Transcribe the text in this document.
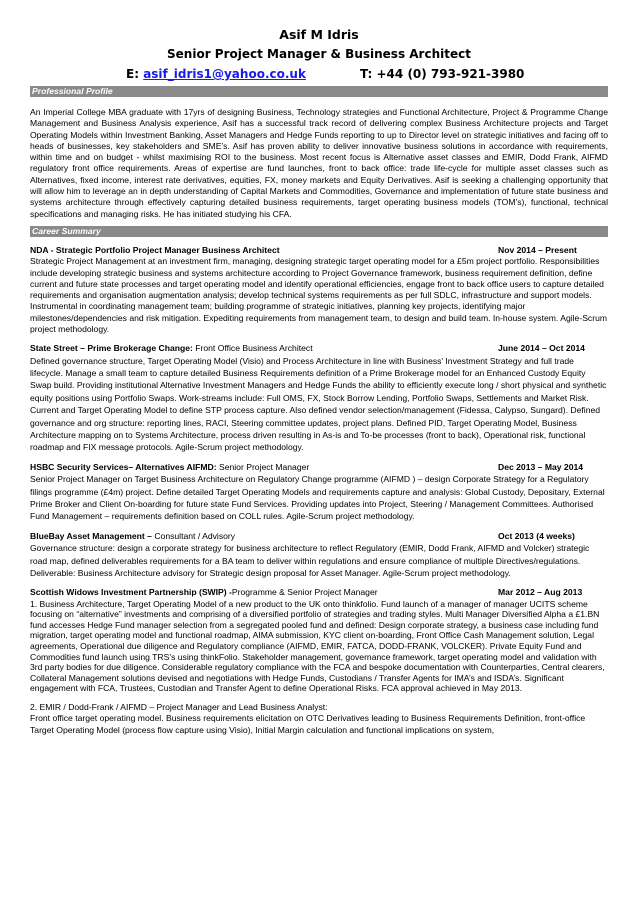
Asif M Idris
Senior Project Manager & Business Architect
E: asif_idris1@yahoo.co.uk	T: +44 (0) 793-921-3980
Professional Profile

An Imperial College MBA graduate with 17yrs of designing Business, Technology strategies and Functional Architecture, Project & Programme Change Management and Business Analysis experience, Asif has a successful track record of delivering complex Business Architecture projects and Target Operating Models within Investment Banking, Asset Managers and Hedge Funds reporting to up to Director level on strategic initiatives and facing off to heads of businesses, key stakeholders and SME’s. Asif has proven ability to deliver innovative business solutions in accordance with requirements, within time and on budget - whilst maximising ROI to the business. Most recent focus is Alternative asset classes and EMIR, Dodd Frank, AIFMD regulatory front office requirements. Areas of expertise are fund launches, front to back office: trade life-cycle for multiple asset classes such as Alternatives, fixed income, interest rate derivatives, equities, FX, money markets and Equity Derivatives. Asif is seeking a challenging opportunity that will allow him to leverage an in depth understanding of Capital Markets and Commodities, Governance and implementation of future state business and systems architecture through effectively capturing detailed business requirements, target operating business models (TOM’s), functional, technical specifications and managing risks. He has initiated studying his CFA.

Career Summary
NDA - Strategic Portfolio Project Manager Business Architect	Nov 2014 – Present

Strategic Project Management at an investment firm, managing, designing strategic target operating model for a £5m project portfolio. Responsibilities include developing strategic business and systems architecture according to Project Governance framework, business requirement definition, define current and future state processes and target operating model and identify operational efficiencies, engage front to back office users to capture detailed requirements and organisation augmentation analysis; develop technical systems requirements as per full SDLC, infrastructure and support models. Instrumental in coordinating management team; building programme of strategic initiatives, planning key projects, identifying major milestones/dependencies and risk mitigation. Expediting requirements from management team, to design and build team. In-house system. Agile-Scrum project methodology.

State Street – Prime Brokerage Change: Front Office Business Architect	June 2014 – Oct 2014

Defined governance structure, Target Operating Model (Visio) and Process Architecture in line with Business’ Investment Strategy and full trade lifecycle. Manage a small team to capture detailed Business Requirements definition of a Prime Brokerage model for an Enhanced Custody Equity Swap build. Providing institutional Alternative Investment Managers and Hedge Funds the ability to efficiently execute long / short physical and synthetic equity positions using Portfolio Swaps. Work-streams include: Full OMS, FX, Stock Borrow Lending, Portfolio Swaps, Settlements and Market Risk. Current and Target Operating Model to define STP process capture. Also defined vendor selection/management (Fidessa, Calypso, Sungard). Defined governance and org structure: reporting lines, RACI, Steering committee updates, project plans. Defined PID, Target Operating Model, Business Architecture mapping on to Systems Architecture, process driven resulting in As-is and To-be processes (front to back), Operational risk, functional roadmap and FIX message protocols. Agile-Scrum project methodology.

HSBC Security Services– Alternatives AIFMD: Senior Project Manager	Dec 2013 – May 2014

Senior Project Manager on Target Business Architecture on Regulatory Change programme (AIFMD ) – design Corporate Strategy for a Regulatory filings programme (£4m) project. Define detailed Target Operating Models and requirements capture and analysis: Global Custody, Depositary, External Prime Broker and Client On-boarding for future state Fund Services. Providing updates into Project, Steering / Management Committees. Authorised Fund Management – requirements definition based on COLL rules. Agile-Scrum project methodology.

BlueBay Asset Management – Consultant / Advisory	Oct 2013 (4 weeks)

Governance structure: design a corporate strategy for business architecture to reflect Regulatory (EMIR, Dodd Frank, AIFMD and Volcker) strategic road map, defined deliverables requirements for a BA team to deliver within regulations and ensure compliance of multiple Directives/regulations. Deliverable: Business Architecture advisory for Strategic design proposal for Asset Manager. Agile-Scrum project methodology.

Scottish Widows Investment Partnership (SWIP) -Programme & Senior Project Manager	Mar 2012 – Aug 2013

1. Business Architecture, Target Operating Model of a new product to the UK onto thinkfolio. Fund launch of a manager of manager UCITS scheme focusing on “alternative” investments and comprising of a diversified portfolio of strategies and trading styles. Multi Manager Diversified Alpha a £1.BN fund accesses Hedge Fund manager selection from a segregated pooled fund and defined: Design corporate strategy, a business case including fund migration, target operating model and functional roadmap, AIMA submission, KYC client on-boarding, Front Office Cash Management solution, Legal agreements, Operational due diligence and Regulatory compliance (AIFMD, EMIR, FATCA, DODD-FRANK, VOLCKER). Private Equity Fund and Commodities fund launch using TRS’s using thinkFolio. Stakeholder management, governance framework, target operating model and validation with 3rd party bodies for due diligence. Considerable regulatory compliance with the FCA and bespoke documentation with Counterparties, Central clearers, Collateral Management solutions devised and negotiations with Hedge Funds, Custodians / Transfer Agents for IMA’s and ISDA’s. Significant engagement with FCA, Trustees, Custodian and Transfer Agent to define Operational Risks. FCA approval achieved in May 2013.

2. EMIR / Dodd-Frank / AIFMD – Project Manager and Lead Business Analyst:

Front office target operating model. Business requirements elicitation on OTC Derivatives leading to Business Requirements Definition, front-office Target Operating Model (process flow capture using Visio), Initial Margin calculation and functional implications on system,
